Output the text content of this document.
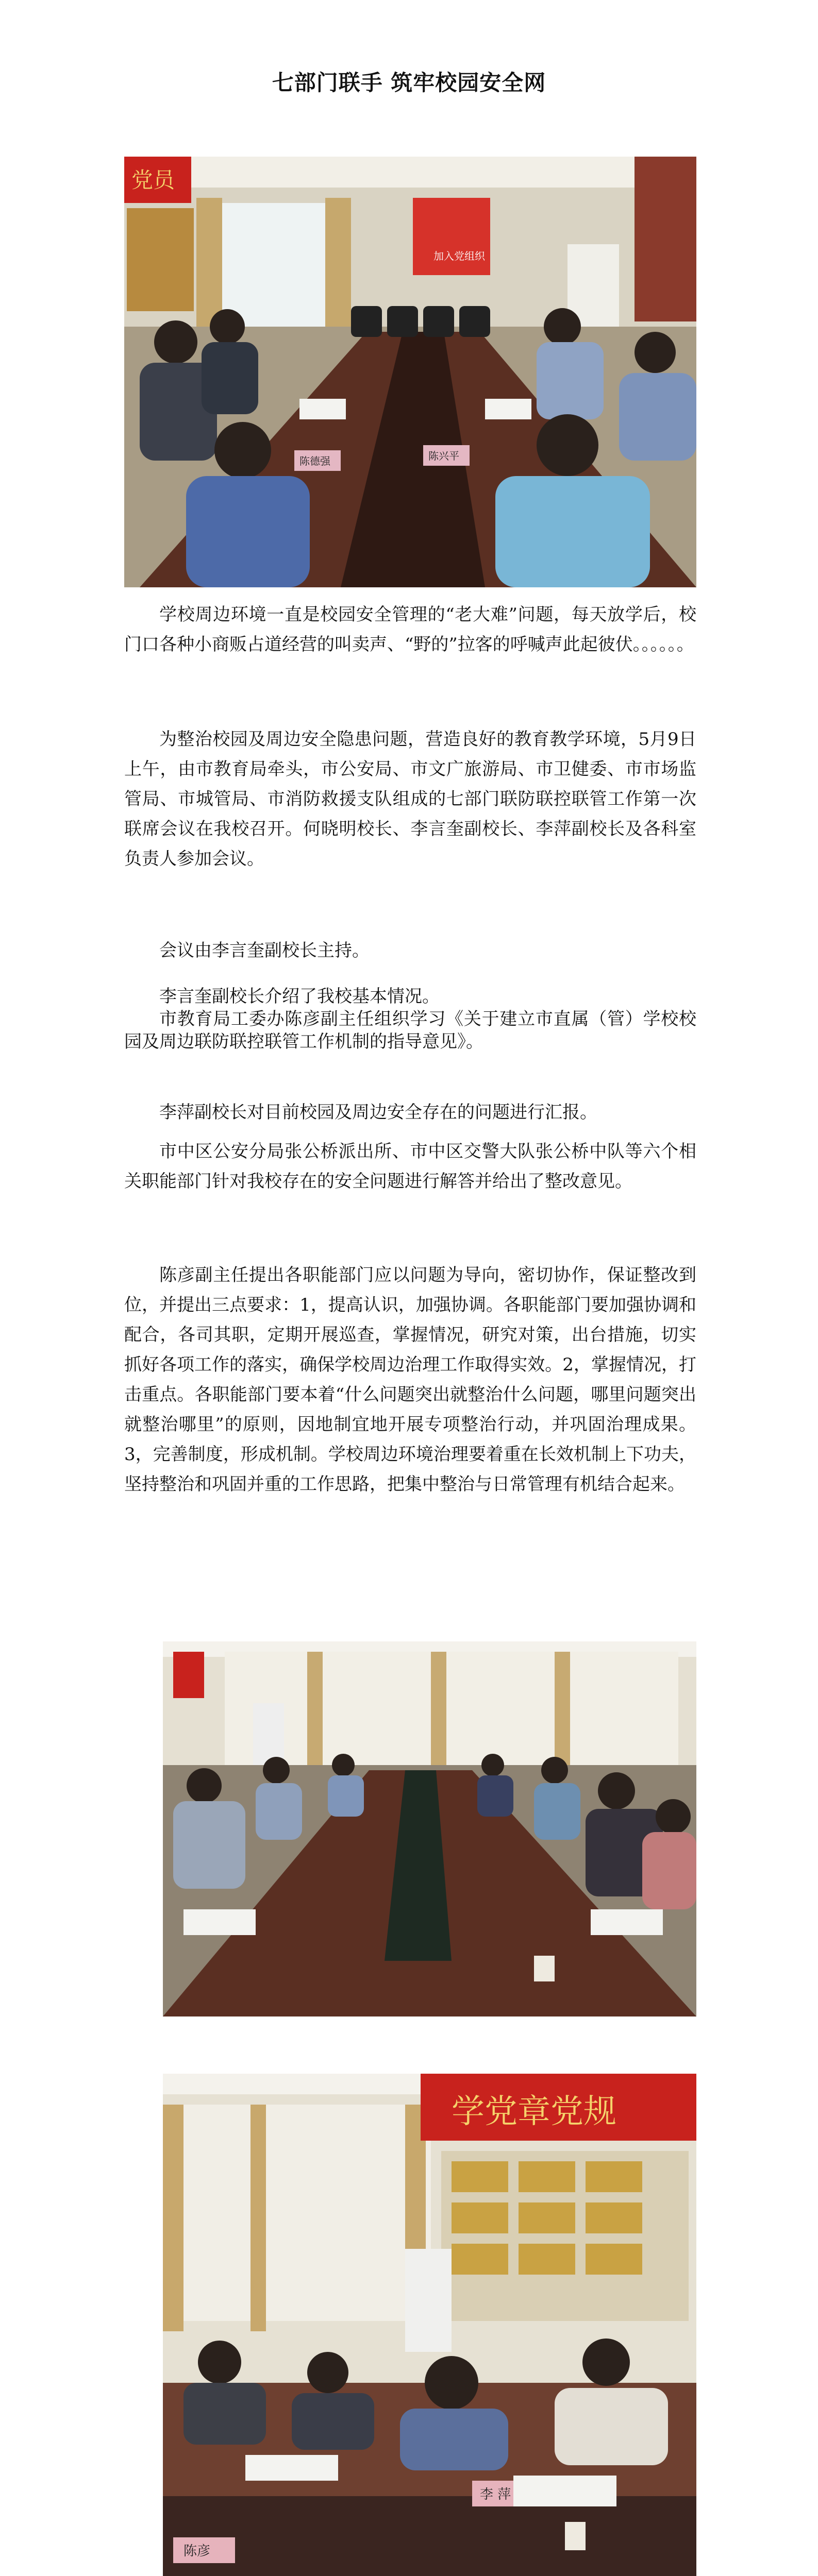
七部门联手 筑牢校园安全网
党员
加入党组织
陈德强	陈兴平

学校周边环境一直是校园安全管理的“老大难”问题，每天放学后，校门口各种小商贩占道经营的叫卖声、“野的”拉客的呼喊声此起彼伏。。。。。。

为整治校园及周边安全隐患问题，营造良好的教育教学环境，5月9日上午，由市教育局牵头，市公安局、市文广旅游局、市卫健委、市市场监管局、市城管局、市消防救援支队组成的七部门联防联控联管工作第一次联席会议在我校召开。何晓明校长、李言奎副校长、李萍副校长及各科室负责人参加会议。

会议由李言奎副校长主持。

李言奎副校长介绍了我校基本情况。

市教育局工委办陈彦副主任组织学习《关于建立市直属（管）学校校园及周边联防联控联管工作机制的指导意见》。

李萍副校长对目前校园及周边安全存在的问题进行汇报。

市中区公安分局张公桥派出所、市中区交警大队张公桥中队等六个相关职能部门针对我校存在的安全问题进行解答并给出了整改意见。

陈彦副主任提出各职能部门应以问题为导向，密切协作，保证整改到位，并提出三点要求：1，提高认识，加强协调。各职能部门要加强协调和配合，各司其职，定期开展巡查，掌握情况，研究对策，出台措施，切实抓好各项工作的落实，确保学校周边治理工作取得实效。2，掌握情况，打击重点。各职能部门要本着“什么问题突出就整治什么问题，哪里问题突出就整治哪里”的原则，因地制宜地开展专项整治行动，并巩固治理成果。3，完善制度，形成机制。学校周边环境治理要着重在长效机制上下功夫，坚持整治和巩固并重的工作思路，把集中整治与日常管理有机结合起来。

学党章党规
李 萍
陈彦
